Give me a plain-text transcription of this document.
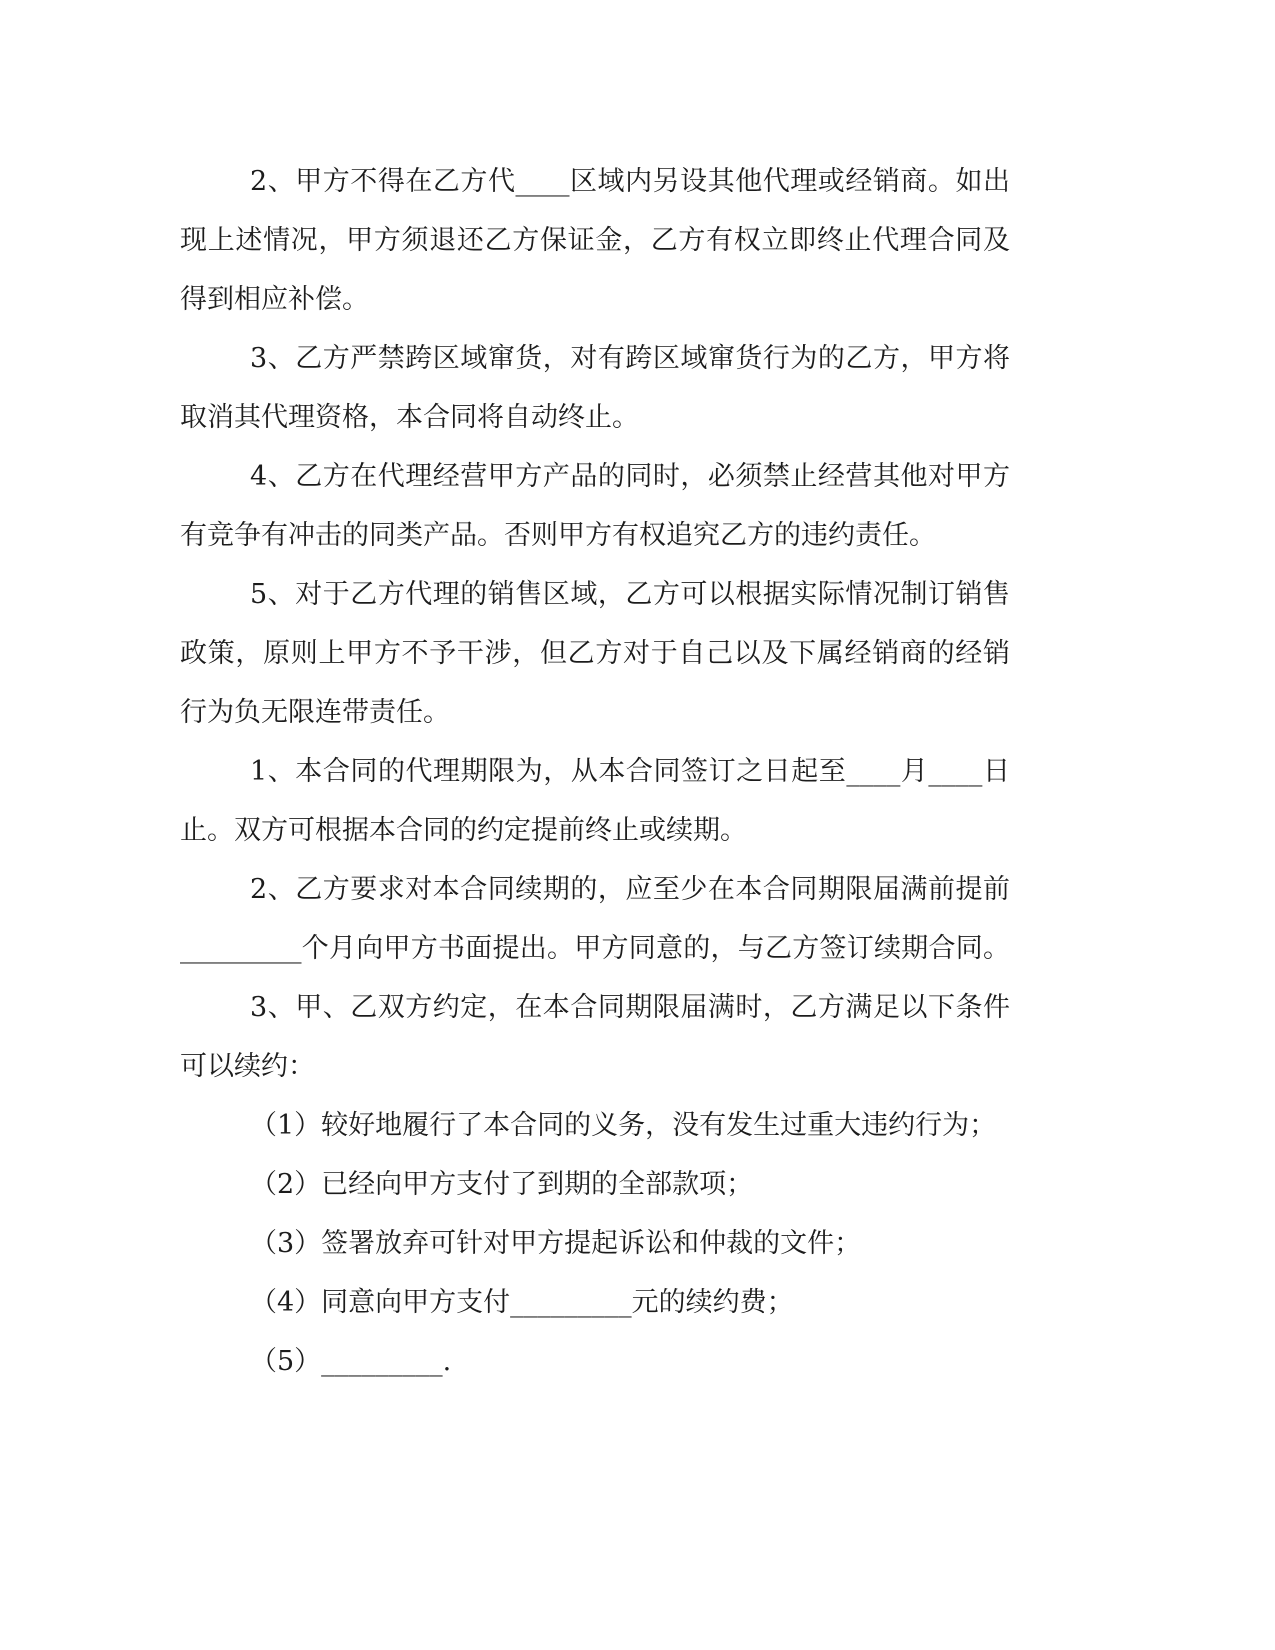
2、甲方不得在乙方代____区域内另设其他代理或经销商。如出
现上述情况，甲方须退还乙方保证金，乙方有权立即终止代理合同及
得到相应补偿。
3、乙方严禁跨区域窜货，对有跨区域窜货行为的乙方，甲方将
取消其代理资格，本合同将自动终止。
4、乙方在代理经营甲方产品的同时，必须禁止经营其他对甲方
有竞争有冲击的同类产品。否则甲方有权追究乙方的违约责任。
5、对于乙方代理的销售区域，乙方可以根据实际情况制订销售
政策，原则上甲方不予干涉，但乙方对于自己以及下属经销商的经销
行为负无限连带责任。
1、本合同的代理期限为，从本合同签订之日起至____月____日
止。双方可根据本合同的约定提前终止或续期。
2、乙方要求对本合同续期的，应至少在本合同期限届满前提前
_________个月向甲方书面提出。甲方同意的，与乙方签订续期合同。
3、甲、乙双方约定，在本合同期限届满时，乙方满足以下条件
可以续约：
（1）较好地履行了本合同的义务，没有发生过重大违约行为；
（2）已经向甲方支付了到期的全部款项；
（3）签署放弃可针对甲方提起诉讼和仲裁的文件；
（4）同意向甲方支付_________元的续约费；
（5）_________.
